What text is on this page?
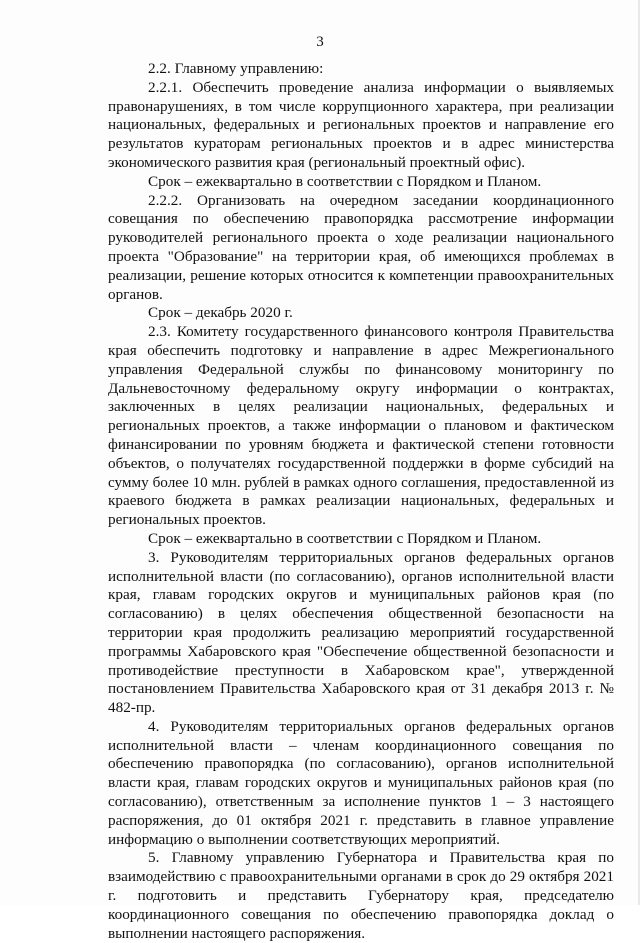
3

2.2. Главному управлению:

2.2.1. Обеспечить проведение анализа информации о выявляемых правонарушениях, в том числе коррупционного характера, при реализации национальных, федеральных и региональных проектов и направление его результатов кураторам региональных проектов и в адрес министерства экономического развития края (региональный проектный офис).

Срок – ежеквартально в соответствии с Порядком и Планом.

2.2.2. Организовать на очередном заседании координационного совещания по обеспечению правопорядка рассмотрение информации руководителей регионального проекта о ходе реализации национального проекта "Образование" на территории края, об имеющихся проблемах в реализации, решение которых относится к компетенции правоохранительных органов.

Срок – декабрь 2020 г.

2.3. Комитету государственного финансового контроля Правительства края обеспечить подготовку и направление в адрес Межрегионального управления Федеральной службы по финансовому мониторингу по Дальневосточному федеральному округу информации о контрактах, заключенных в целях реализации национальных, федеральных и региональных проектов, а также информации о плановом и фактическом финансировании по уровням бюджета и фактической степени готовности объектов, о получателях государственной поддержки в форме субсидий на сумму более 10 млн. рублей в рамках одного соглашения, предоставленной из краевого бюджета в рамках реализации национальных, федеральных и региональных проектов.

Срок – ежеквартально в соответствии с Порядком и Планом.

3. Руководителям территориальных органов федеральных органов исполнительной власти (по согласованию), органов исполнительной власти края, главам городских округов и муниципальных районов края (по согласованию) в целях обеспечения общественной безопасности на территории края продолжить реализацию мероприятий государственной программы Хабаровского края "Обеспечение общественной безопасности и противодействие преступности в Хабаровском крае", утвержденной постановлением Правительства Хабаровского края от 31 декабря 2013 г. № 482-пр.

4. Руководителям территориальных органов федеральных органов исполнительной власти – членам координационного совещания по обеспечению правопорядка (по согласованию), органов исполнительной власти края, главам городских округов и муниципальных районов края (по согласованию), ответственным за исполнение пунктов 1 – 3 настоящего распоряжения, до 01 октября 2021 г. представить в главное управление информацию о выполнении соответствующих мероприятий.

5. Главному управлению Губернатора и Правительства края по взаимодействию с правоохранительными органами в срок до 29 октября 2021 г. подготовить и представить Губернатору края, председателю координационного совещания по обеспечению правопорядка доклад о выполнении настоящего распоряжения.
